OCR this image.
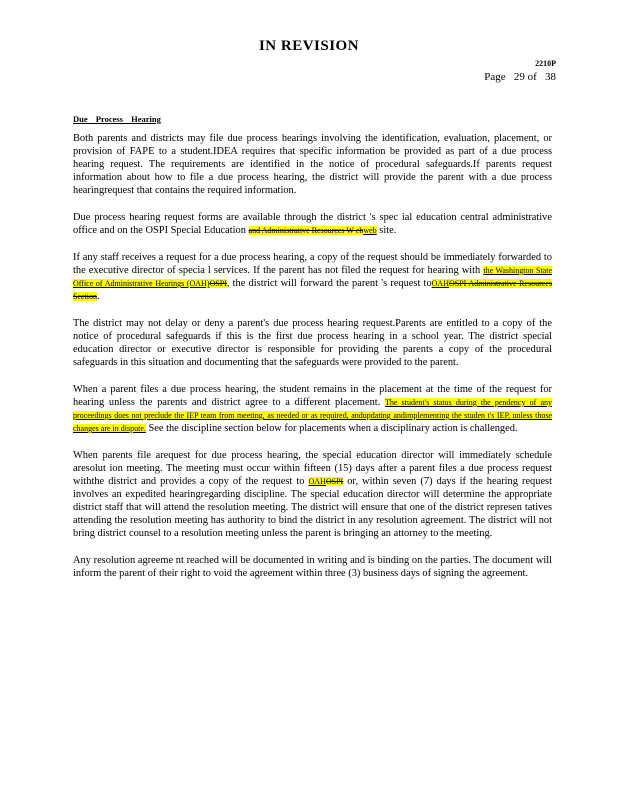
IN REVISION
2210P
Page   29 of   38
Due Process Hearing

Both parents and districts may file due process hearings involving the identification, evaluation, placement, or provision of FAPE to a student.IDEA requires that specific information be provided as part of a due process hearing request. The requirements are identified in the notice of procedural safeguards.If parents request information about how to file a due process hearing, the district will provide the parent with a due process hearingrequest that contains the required information.

Due process hearing request forms are available through the district 's spec ial education central administrative office and on the OSPI Special Education and Administrative Resources W ebweb site.

If any staff receives a request for a due process hearing, a copy of the request should be immediately forwarded to the executive director of specia l services. If the parent has not filed the request for hearing with the Washington State Office of Administrative Hearings (OAH)OSPI, the district will forward the parent 's request toOAHOSPI Administrative Resources Section.

The district may not delay or deny a parent's due process hearing request.Parents are entitled to a copy of the notice of procedural safeguards if this is the first due process hearing in a school year. The district special education director or executive director is responsible for providing the parents a copy of the procedural safeguards in this situation and documenting that the safeguards were provided to the parent.

When a parent files a due process hearing, the student remains in the placement at the time of the request for hearing unless the parents and district agree to a different placement. The student's status during the pendency of any proceedings does not preclude the IEP team from meeting, as needed or as required, andupdating andimplementing the studen t's IEP, unless those changes are in dispute. See the discipline section below for placements when a disciplinary action is challenged.

When parents file arequest for due process hearing, the special education director will immediately schedule aresolut ion meeting. The meeting must occur within fifteen (15) days after a parent files a due process request withthe district and provides a copy of the request to OAHOSPI or, within seven (7) days if the hearing request involves an expedited hearingregarding discipline. The special education director will determine the appropriate district staff that will attend the resolution meeting. The district will ensure that one of the district represen tatives attending the resolution meeting has authority to bind the district in any resolution agreement. The district will not bring district counsel to a resolution meeting unless the parent is bringing an attorney to the meeting.

Any resolution agreeme nt reached will be documented in writing and is binding on the parties. The document will inform the parent of their right to void the agreement within three (3) business days of signing the agreement.
